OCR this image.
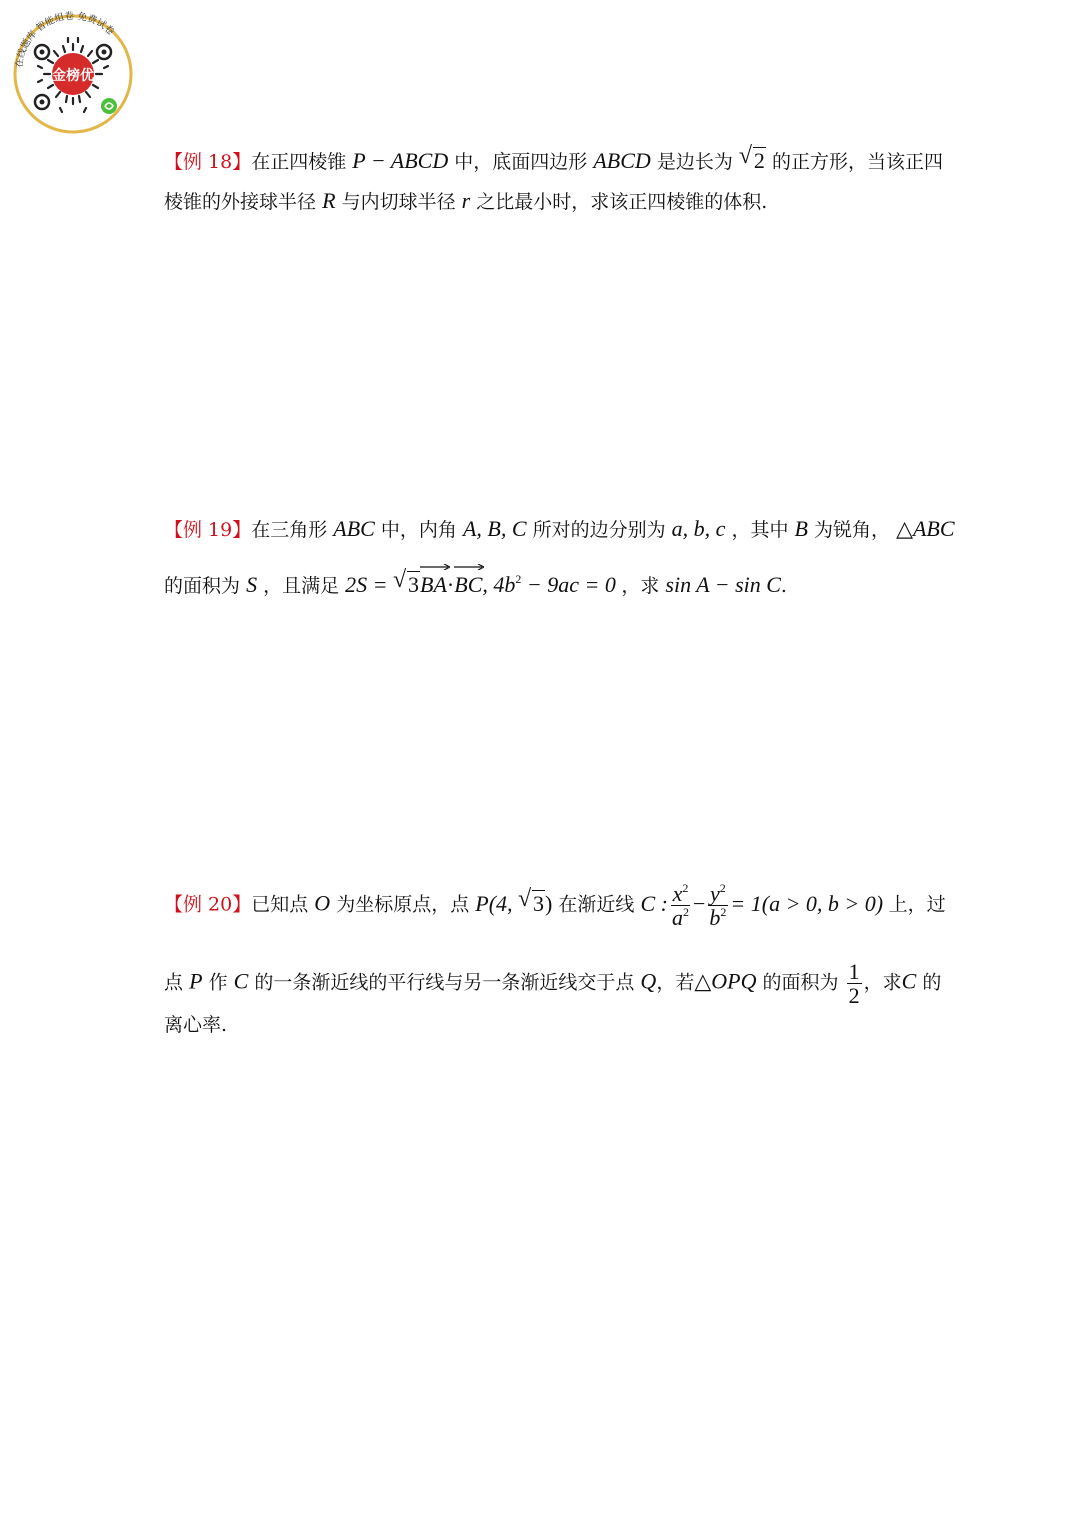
在线题库 智能组卷 免费试卷
金榜优
【例 18】在正四棱锥 P − ABCD 中，底面四边形 ABCD 是边长为 √ 2 的正方形，当该正四
棱锥的外接球半径 R 与内切球半径 r 之比最小时，求该正四棱锥的体积.
【例 19】在三角形 ABC 中，内角 A, B, C 所对的边分别为 a, b, c ，其中 B 为锐角， △ABC
的面积为 S ，且满足 2S = √ 3
BA·
BC, $4b^2 - 9ac = 0$ ，求 sin A − sin C.
【例 20】已知点 O 为坐标原点，点 P(4, √ 3) 在渐近线 C : $\frac{x^2}{a^2} - \frac{y^2}{b^2} = 1(a > 0$, b > 0) 上，过
点 P 作 C 的一条渐近线的平行线与另一条渐近线交于点 Q，若△OPQ 的面积为 $\frac{1}{2}$ ，求C 的
离心率.
